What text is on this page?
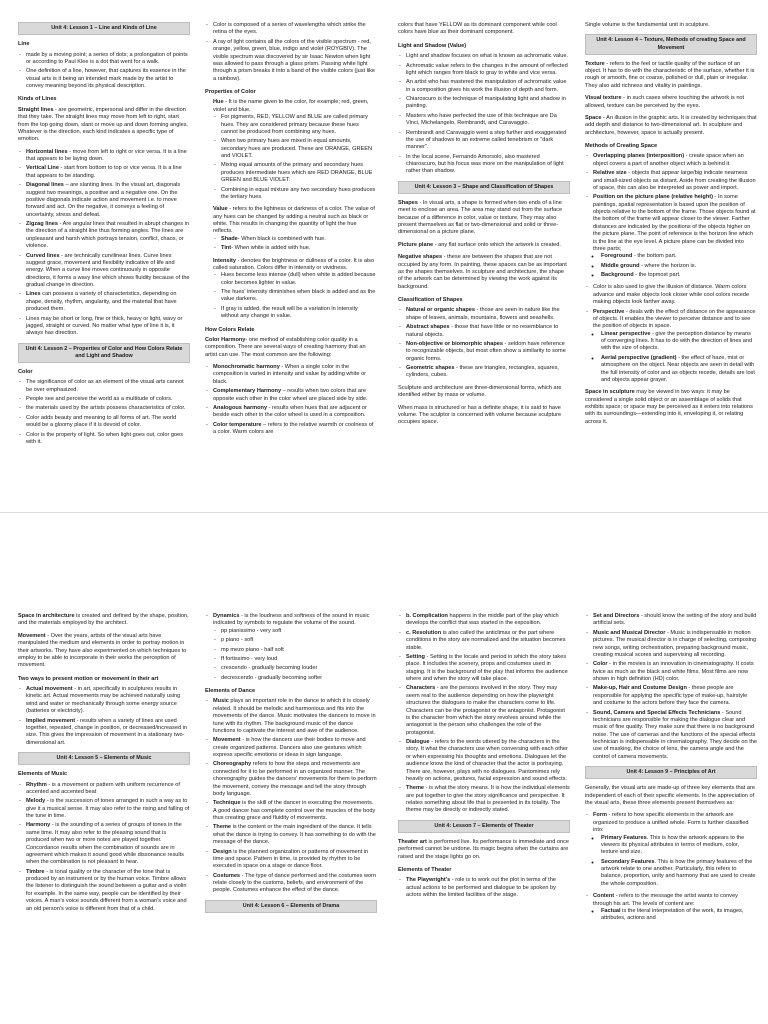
Unit 4: Lesson 1 – Line and Kinds of Line
Line
- made by a moving point; a series of dots; a prolongation of points or according to Paul Klee is a dot that went for a walk.
- One definition of a line, however, that captures its essence in the visual arts is it being an intended mark made by the artist to convey meaning beyond its physical description.
Kinds of Lines
Straight lines - are geometric, impersonal and differ in the direction that they take. The straight lines may move from left to right, start from the top going down, slant or move up and down forming angles. Whatever is the direction, each kind indicates a specific type of emotion.
- Horizontal lines - move from left to right or vice versa. It is a line that appears to be laying down.
- Vertical Line - start from bottom to top or vice versa. It is a line that appears to be standing.
- Diagonal lines – are slanting lines. In the visual art, diagonals suggest two meanings, a positive and a negative one. On the positive diagonals indicate action and movement i.e. to move forward and act. On the negative, it conveys a feeling of uncertainty, stress and defeat.
- Zigzag lines - Are angular lines that resulted in abrupt changes in the direction of a straight line thus forming angles. The lines are unpleasant and harsh which portrays tension, conflict, chaos, or violence.
- Curved lines - are technically curvilinear lines. Curve lines suggest grace, movement and flexibility indicative of life and energy. When a curve line moves continuously in opposite directions, it forms a wavy line which shows fluidity because of the gradual change in direction.
- Lines can possess a variety of characteristics, depending on shape, density, rhythm, angularity, and the material that have produced them.
- Lines may be short or long, fine or thick, heavy or light, wavy or jagged, straight or curved. No matter what type of line it is, it always has direction.
Unit 4: Lesson 2 – Properties of Color and How Colors Relate and Light and Shadow
Color
- The significance of color as an element of the visual arts cannot be over emphasized.
- People see and perceive the world as a multitude of colors.
- the materials used by the artists possess characteristics of color.
- Color adds beauty and meaning to all forms of art. The world would be a gloomy place if it is devoid of color.
- Color is the property of light. So when light goes out, color goes with it.
- Color is composed of a series of wavelengths which strike the retina of the eyes.
- A ray of light contains all the colors of the visible spectrum - red, orange, yellow, green, blue, indigo and violet (ROYGBIV). The visible spectrum was discovered by sir Isaac Newton when light was allowed to pass through a glass prism. Passing white light through a prism breaks it into a band of the visible colors (just like a rainbow).
Properties of Color
• Hue - It is the name given to the color, for example; red, green, violet and blue.
- For pigments, RED, YELLOW and BLUE are called primary hues. They are considered primary because these hues cannot be produced from combining any hues.
- When two primary hues are mixed in equal amounts, secondary hues are produced. These are ORANGE, GREEN and VIOLET.
- Mixing equal amounts of the primary and secondary hues produces intermediate hues which are RED ORANGE, BLUE GREEN and BLUE VIOLET.
- Combining in equal mixture any two secondary hues produces the tertiary hues.
• Value - refers to the lightness or darkness of a color. The value of any hues can be changed by adding a neutral such as black or white. This results in changing the quantity of light the hue reflects.
- Shade- When black is combined with hue.
- Tint- When white is added with hue.
• Intensity - denotes the brightness or dullness of a color. It is also called saturation. Colors differ in intensity or vividness.
- Hues become less intense (dull) when white is added because color becomes lighter in value.
- The hues' intensity diminishes when black is added and as the value darkens.
- If gray is added, the result will be a variation in intensity without any change in value.
How Colors Relate
Color Harmony- one method of establishing color quality in a composition. There are several ways of creating harmony that an artist can use. The most common are the following:
- Monochromatic harmony - When a single color in the composition is varied in intensity and value by adding white or black.
- Complementary Harmony – results when two colors that are opposite each other in the color wheel are placed side by side.
- Analogous harmony - results when hues that are adjacent or beside each other in the color wheel is used in a composition.
- Color temperature – refers to the relative warmth or coolness of a color. Warm colors are
colors that have YELLOW as its dominant component while cool colors have blue as their dominant component.
Light and Shadow (Value)
- Light and shadow focuses on what is known as achromatic value.
- Achromatic value refers to the changes in the amount of reflected light which ranges from black to gray to white and vice versa.
- An artist who has mastered the manipulation of achromatic value in a composition gives his work the illusion of depth and form.
- Chiaroscuro is the technique of manipulating light and shadow in painting.
- Masters who have perfected the use of this technique are Da Vinci, Michelangelo, Rembrandt, and Caravaggio.
- Rembrandt and Caravaggio went a step further and exaggerated the use of shadows to an extreme called tenebrism or "dark manner".
- In the local scene, Fernando Amorsolo, also mastered chiaroscuro, but his focus was more on the manipulation of light rather than shadow.
Unit 4: Lesson 3 – Shape and Classification of Shapes
Shapes - In visual arts, a shape is formed when two ends of a line meet to enclose an area. The area may stand out from the surface because of a difference in color, value or texture. They may also present themselves as flat or two-dimensional and solid or three-dimensional on a picture plane.
Picture plane - any flat surface onto which the artwork is created.
Negative shapes - these are between the shapes that are not occupied by any form. In painting, these spaces can be as important as the shapes themselves. In sculpture and architecture, the shape of the artwork can be determined by viewing the work against its background.
Classification of Shapes
- Natural or organic shapes - those are seen in nature like the shape of leaves, animals, mountains, flowers and seashells.
- Abstract shapes - those that have little or no resemblance to natural objects.
- Non-objective or biomorphic shapes - seldom have reference to recognizable objects, but most often show a similarity to some organic forms.
- Geometric shapes - these are triangles, rectangles, squares, cylinders, cubes.
Sculpture and architecture are three-dimensional forms, which are identified either by mass or volume.
When mass is structured or has a definite shape, it is said to have volume. The sculptor is concerned with volume because sculpture occupies space.
Single volume is the fundamental unit in sculpture.
Unit 4: Lesson 4 – Texture, Methods of creating Space and Movement
Texture - refers to the feel or tactile quality of the surface of an object. It has to do with the characteristic of the surface, whether it is rough or smooth, fine or coarse, polished or dull, plain or irregular. They also add richness and vitality in paintings.
Visual texture - in such cases where touching the artwork is not allowed, texture can be perceived by the eyes.
Space - An illusion in the graphic arts. It is created by techniques that add depth and distance to two-dimensional art. In sculpture and architecture, however, space is actually present.
Methods of Creating Space
- Overlapping planes (interposition) - create space when an object covers a part of another object which is behind it.
- Relative size - objects that appear large/big indicate nearness and small-sized objects as distant. Aside from creating the illusion of space, this can also be interpreted as power and import.
- Position on the picture plane (relative height) - In some paintings, spatial representation is based upon the position of objects relative to the bottom of the frame. Those objects found at the bottom of the frame will appear closer to the viewer. Farther distances are indicated by the positions of the objects higher on the picture plane. The point of reference is the horizon line which is the line at the eye level. A picture plane can be divided into three parts;
◦ Foreground - the bottom part.
◦ Middle ground - where the horizon is.
◦ Background - the topmost part.
- Color is also used to give the illusion of distance. Warm colors advance and make objects look closer while cool colors recede making objects look farther away.
- Perspective - deals with the effect of distance on the appearance of objects. It enables the viewer to perceive distance and to see the position of objects in space.
◦ Linear perspective - give the perception distance by means of converging lines. It has to do with the direction of lines and with the size of objects.
◦ Aerial perspective (gradient) - the effect of haze, mist or atmosphere on the object. Near objects are seen in detail with the full intensity of color and as objects recede, details are lost and objects appear grayer.
Space in sculpture may be viewed in two ways: it may be considered a single solid object or an assemblage of solids that exhibits space; or space may be perceived as it enters into relations with its surroundings—extending into it, enveloping it, or relating across it.
Space in architecture is created and defined by the shape, position, and the materials employed by the architect.
Movement - Over the years, artists of the visual arts have manipulated the medium and elements in order to portray motion in their artworks. They have also experimented on which techniques to employ to be able to incorporate in their works the perception of movement.
Two ways to present motion or movement in their art
- Actual movement - in art, specifically in sculptures results in kinetic art. Actual movements may be achieved naturally using wind and water or mechanically through some energy source (batteries or electricity).
- Implied movement - results when a variety of lines are used together, repeated, change in position, or decreased/increased in size. This gives the impression of movement in a stationary two-dimensional art.
Unit 4: Lesson 5 – Elements of Music
Elements of Music
- Rhythm - is a movement or pattern with uniform recurrence of accented and accented beat
- Melody - is the succession of tones arranged in such a way as to give it a musical sense. It may also refer to the rising and falling of the tune in time.
- Harmony - is the sounding of a series of groups of tones in the same time. It may also refer to the pleasing sound that is produced when two or more notes are played together. Concordance results when the combination of sounds are in agreement which makes it sound good while dissonance results when the combination is not pleasant to hear.
- Timbre - is tonal quality or the character of the tone that is produced by an instrument or by the human voice. Timbre allows the listener to distinguish the sound between a guitar and a violin for example. In the same way, people can be identified by their voices. A man's voice sounds different from a woman's voice and an old person's voice is different from that of a child.
- Dynamics - is the loudness and softness of the sound in music indicated by symbols to regulate the volume of the sound.
- pp pianissimo - very soft
- p piano - soft
- mp mezo piano - half soft
- ff fortissimo - very loud
- crescendo - gradually becoming louder
- decrescendo - gradually becoming softer
Elements of Dance
- Music plays an important role in the dance to which it is closely related. It should be melodic and harmonious and fits into the movements of the dance. Music motivates the dancers to move in tune with its rhythm. The background music of the dance functions to captivate the interest and awe of the audience.
- Movement - is how the dancers use their bodies to move and create organized patterns. Dancers also use gestures which express specific emotions or ideas in sign language.
- Choreography refers to how the steps and movements are connected for it to be performed in an organized manner. The choreography guides the dancers' movements for them to perform the movement, convey the message and tell the story through body language.
- Technique is the skill of the dancer in executing the movements. A good dancer has complete control over the muscles of the body thus creating grace and fluidity of movements.
- Theme is the content or the main ingredient of the dance. It tells what the dance is trying to convey. It has something to do with the message of the dance.
- Design is the planned organization or patterns of movement in time and space. Pattern in time, is provided by rhythm to be executed in space on a stage or dance floor.
- Costumes - The type of dance performed and the costumes worn relate closely to the customs, beliefs, and environment of the people. Costumes enhance the effect of the dance.
Unit 4: Lesson 6 – Elements of Drama
- b. Complication happens in the middle part of the play which develops the conflict that was started in the exposition.
- c. Resolution is also called the anticlimax or the part where conditions in the story are normalized and the situation becomes stable.
- Setting - Setting is the locale and period in which the story takes place. It includes the scenery, props and costumes used in staging. It is the background of the play that informs the audience where and when the story will take place.
- Characters - are the persons involved in the story. They may seem real to the audience depending on how the playwright structures the dialogues to make the characters come to life. Characters can be the protagonist or the antagonist. Protagonist is the character from which the story revolves around while the antagonist is the person who challenges the role of the protagonist.
- Dialogue - refers to the words uttered by the characters in the story. It what the characters use when conversing with each other or when expressing his thoughts and emotions. Dialogues let the audience know the kind of character that the actor is portraying. There are, however, plays with no dialogues. Pantomimes rely heavily on actions, gestures, facial expression and sound effects.
- Theme - is what the story means. It is how the individual elements are put together to give the story significance and perspective. It relates something about life that is presented in its totality. The theme may be directly or indirectly stated.
Unit 4: Lesson 7 – Elements of Theater
Theater art is performed live. Its performance is immediate and once performed cannot be undone. Its magic begins when the curtains are raised and the stage lights go on.
Elements of Theater
- The Playwright's - role is to work out the plot in terms of the actual actions to be performed and dialogue to be spoken by actors within the limited facilities of the stage.
- Set and Directors - should know the setting of the story and build artificial sets.
- Music and Musical Director - Music is indispensable in motion pictures. The musical director is in charge of selecting, composing new songs, writing orchestration, preparing background music, creating musical scores and supervising all recording.
- Color - in the movies is an innovation in cinematography. It costs twice as much as the black and white films. Most films are now shown in high definition (HD) color.
- Make-up, Hair and Costume Design - these people are responsible for applying the specific type of make-up, hairstyle and costume to the actors before they face the camera.
- Sound, Camera and Special Effects Technicians - Sound technicians are responsible for making the dialogue clear and music of fine quality. They make sure that there is no background noise. The use of cameras and the functions of the special effects technician is indispensable in cinematography. They decide on the use of masking, the choice of lens, the camera angle and the control of camera movements.
Unit 4: Lesson 9 – Principles of Art
Generally, the visual arts are made-up of three key elements that are independent of each of their specific elements. In the appreciation of the visual arts, these three elements present themselves as:
- Form - refers to how specific elements in the artwork are organized to produce a unified whole. Form is further classified into:
◦ Primary Features. This is how the artwork appears to the viewers its physical attributes in terms of medium, color, texture and size.
◦ Secondary Features. This is how the primary features of the artwork relate to one another. Particularly, this refers to balance, proportion, unity and harmony that are used to create the whole composition.
- Content - refers to the message the artist wants to convey through his art. The levels of content are:
◦ Factual is the literal interpretation of the work, its images, attributes, actions and
